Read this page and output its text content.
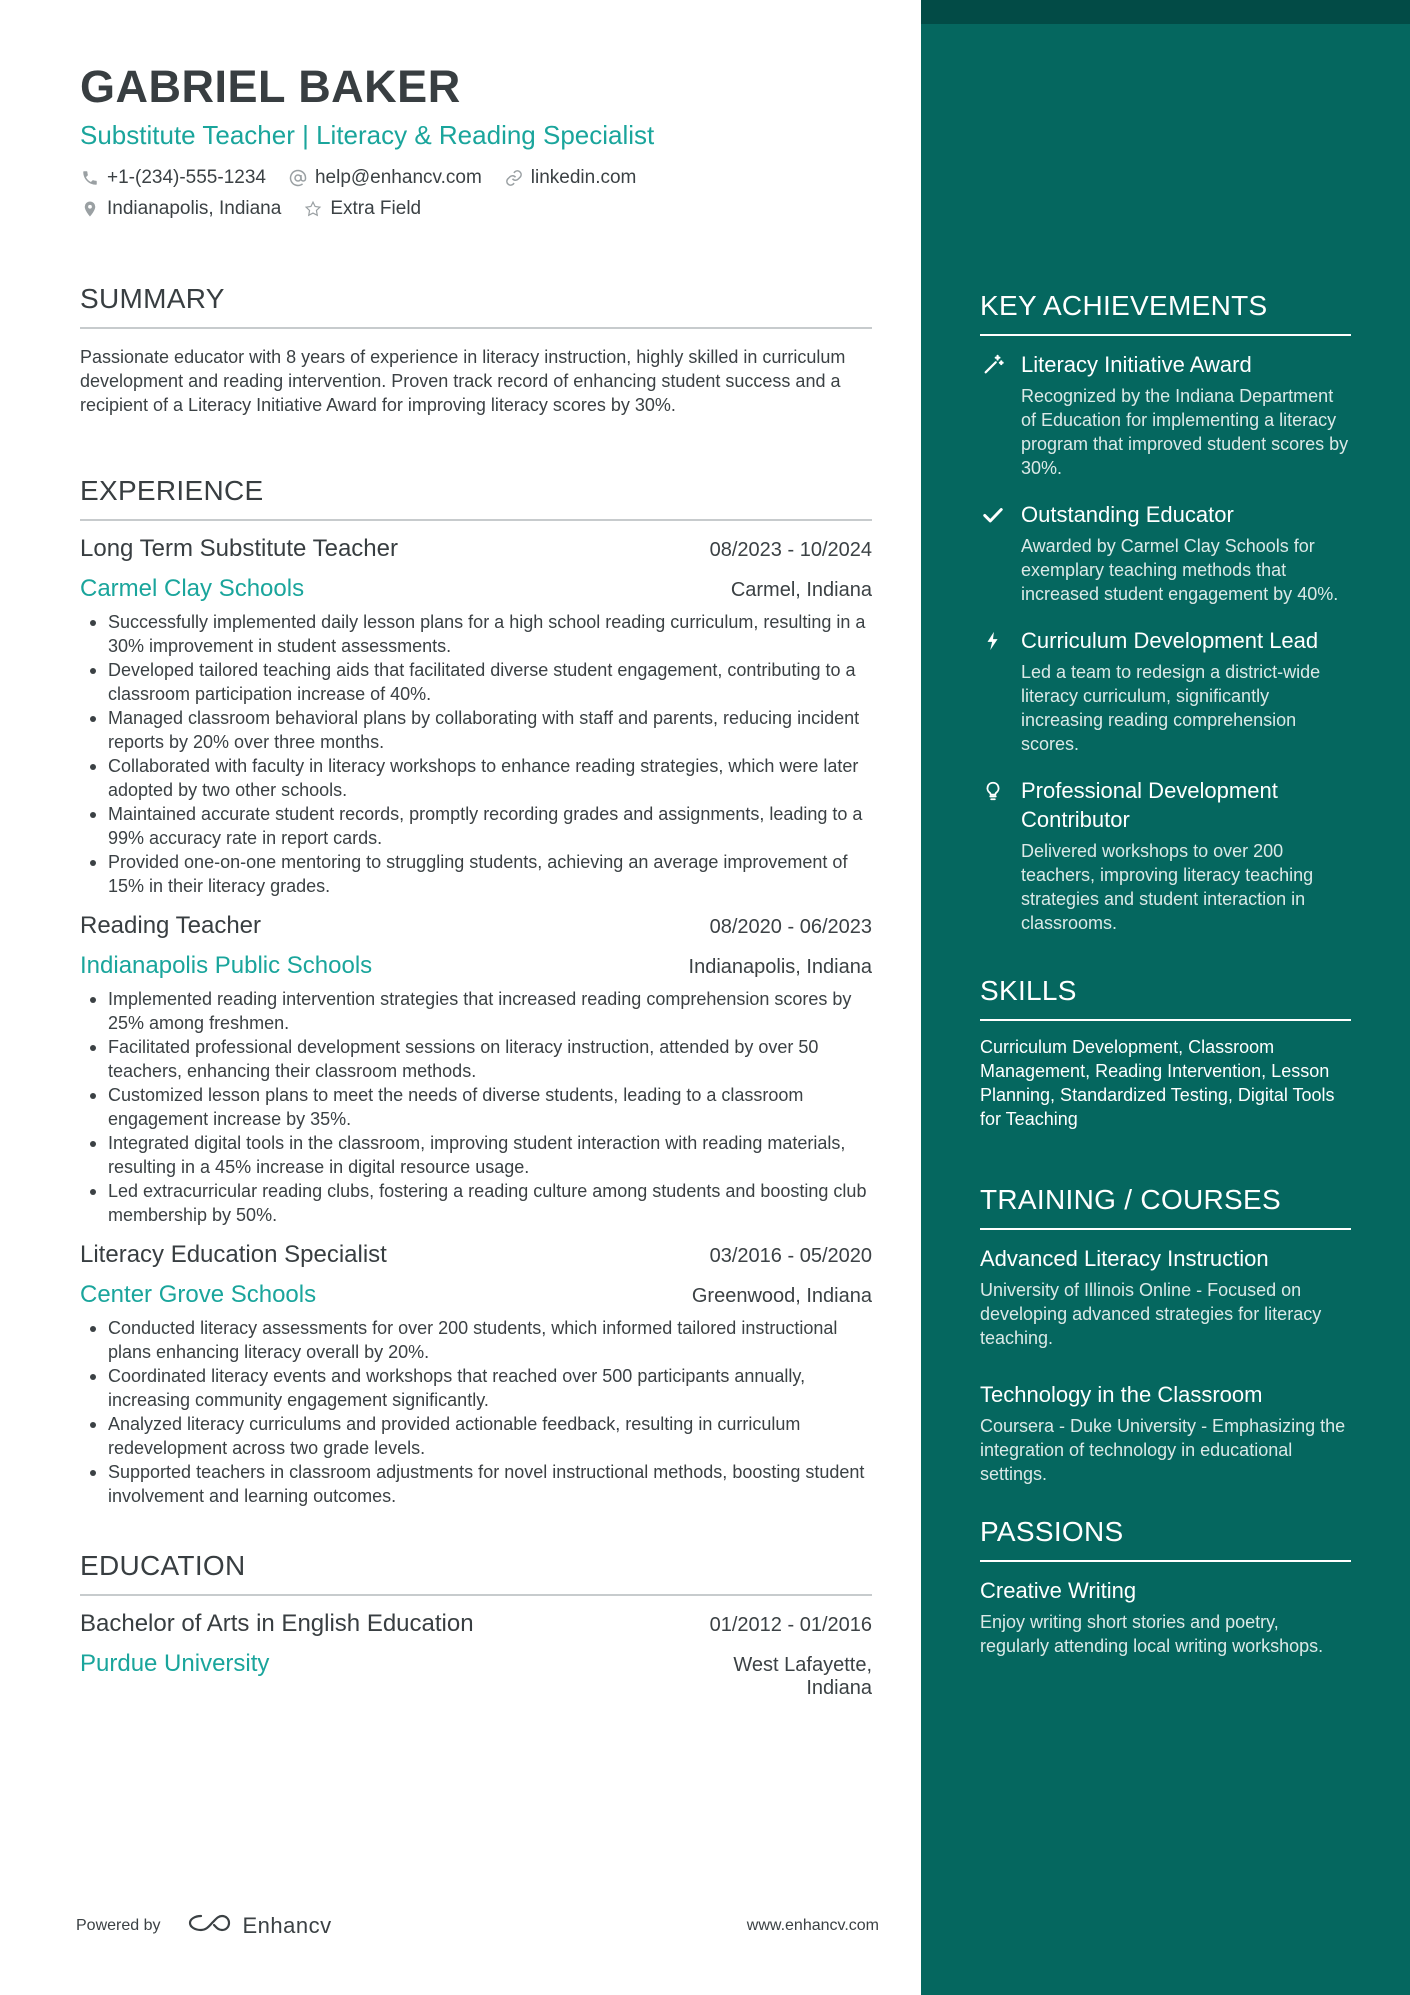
GABRIEL BAKER
Substitute Teacher | Literacy & Reading Specialist
+1-(234)-555-1234	help@enhancv.com	linkedin.com
Indianapolis, Indiana	Extra Field
SUMMARY
Passionate educator with 8 years of experience in literacy instruction, highly skilled in curriculum development and reading intervention. Proven track record of enhancing student success and a recipient of a Literacy Initiative Award for improving literacy scores by 30%.
EXPERIENCE
Long Term Substitute Teacher	08/2023 - 10/2024
Carmel Clay Schools	Carmel, Indiana
Successfully implemented daily lesson plans for a high school reading curriculum, resulting in a 30% improvement in student assessments.
Developed tailored teaching aids that facilitated diverse student engagement, contributing to a classroom participation increase of 40%.
Managed classroom behavioral plans by collaborating with staff and parents, reducing incident reports by 20% over three months.
Collaborated with faculty in literacy workshops to enhance reading strategies, which were later adopted by two other schools.
Maintained accurate student records, promptly recording grades and assignments, leading to a 99% accuracy rate in report cards.
Provided one-on-one mentoring to struggling students, achieving an average improvement of 15% in their literacy grades.
Reading Teacher	08/2020 - 06/2023
Indianapolis Public Schools	Indianapolis, Indiana
Implemented reading intervention strategies that increased reading comprehension scores by 25% among freshmen.
Facilitated professional development sessions on literacy instruction, attended by over 50 teachers, enhancing their classroom methods.
Customized lesson plans to meet the needs of diverse students, leading to a classroom engagement increase by 35%.
Integrated digital tools in the classroom, improving student interaction with reading materials, resulting in a 45% increase in digital resource usage.
Led extracurricular reading clubs, fostering a reading culture among students and boosting club membership by 50%.
Literacy Education Specialist	03/2016 - 05/2020
Center Grove Schools	Greenwood, Indiana
Conducted literacy assessments for over 200 students, which informed tailored instructional plans enhancing literacy overall by 20%.
Coordinated literacy events and workshops that reached over 500 participants annually, increasing community engagement significantly.
Analyzed literacy curriculums and provided actionable feedback, resulting in curriculum redevelopment across two grade levels.
Supported teachers in classroom adjustments for novel instructional methods, boosting student involvement and learning outcomes.
EDUCATION
Bachelor of Arts in English Education	01/2012 - 01/2016
Purdue University	West Lafayette,
Indiana
Powered by	Enhancv	www.enhancv.com
KEY ACHIEVEMENTS
Literacy Initiative Award
Recognized by the Indiana Department of Education for implementing a literacy program that improved student scores by 30%.
Outstanding Educator
Awarded by Carmel Clay Schools for exemplary teaching methods that increased student engagement by 40%.
Curriculum Development Lead
Led a team to redesign a district-wide literacy curriculum, significantly increasing reading comprehension scores.
Professional Development Contributor
Delivered workshops to over 200 teachers, improving literacy teaching strategies and student interaction in classrooms.
SKILLS
Curriculum Development, Classroom Management, Reading Intervention, Lesson Planning, Standardized Testing, Digital Tools for Teaching
TRAINING / COURSES
Advanced Literacy Instruction
University of Illinois Online - Focused on developing advanced strategies for literacy teaching.
Technology in the Classroom
Coursera - Duke University - Emphasizing the integration of technology in educational settings.
PASSIONS
Creative Writing
Enjoy writing short stories and poetry, regularly attending local writing workshops.
